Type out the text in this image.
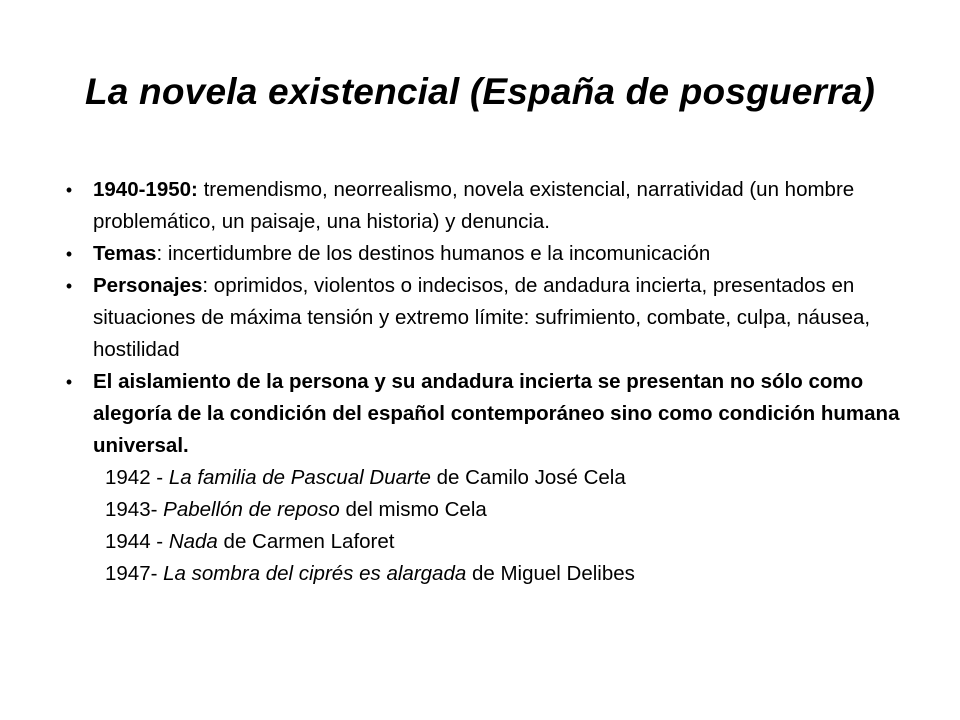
La novela existencial (España de posguerra)
• 1940-1950: tremendismo, neorrealismo, novela existencial, narratividad (un hombre problemático, un paisaje, una historia) y denuncia.
• Temas: incertidumbre de los destinos humanos e la incomunicación
• Personajes: oprimidos, violentos o indecisos, de andadura incierta, presentados en situaciones de máxima tensión y extremo límite: sufrimiento, combate, culpa, náusea, hostilidad
• El aislamiento de la persona y su andadura incierta se presentan no sólo como alegoría de la condición del español contemporáneo sino como condición humana universal.
1942 - La familia de Pascual Duarte de Camilo José Cela
1943- Pabellón de reposo del mismo Cela
1944 - Nada de Carmen Laforet
1947- La sombra del ciprés es alargada de Miguel Delibes
